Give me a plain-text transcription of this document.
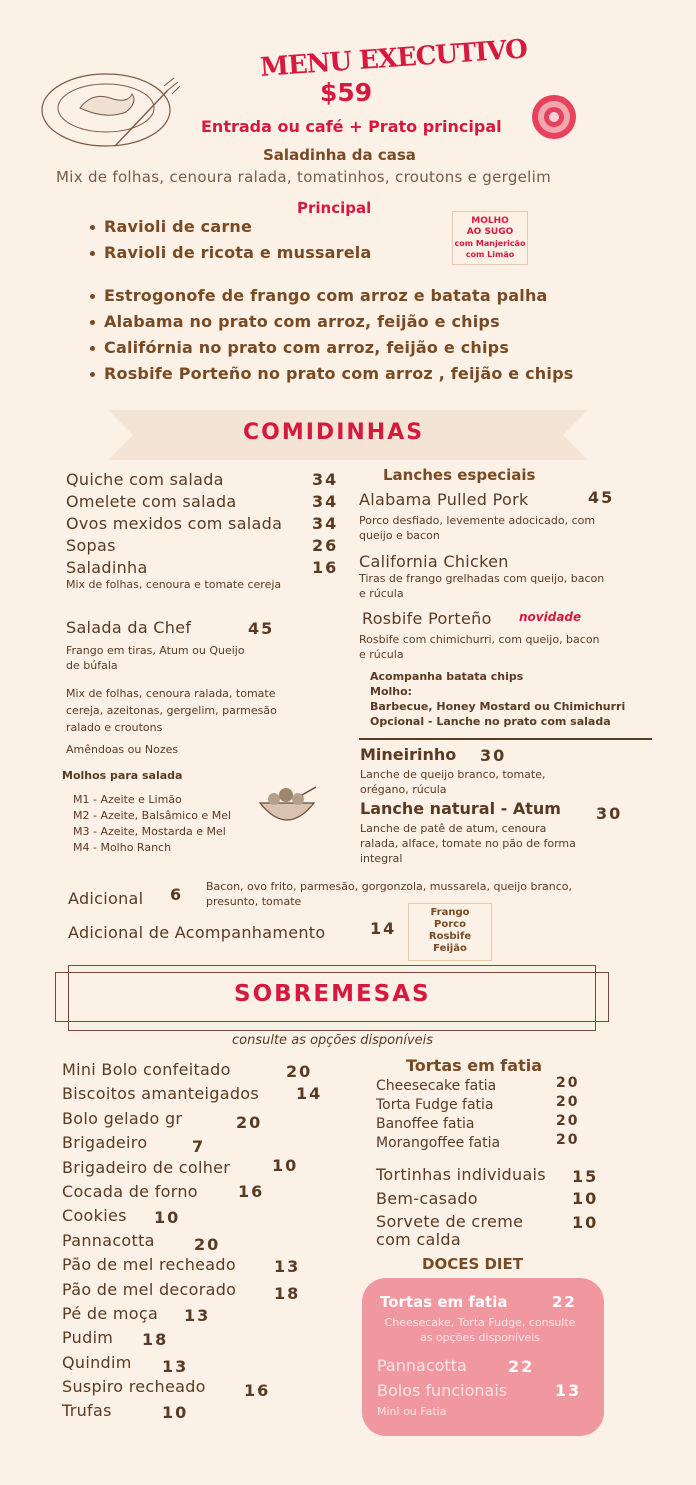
MENU EXECUTIVO
$59
Entrada ou café + Prato principal
Saladinha da casa
Mix de folhas, cenoura ralada, tomatinhos, croutons e gergelim
Principal
Ravioli de carne
Ravioli de ricota e mussarela
MOLHO
AO SUGO
com Manjericão
com Limão
Estrogonofe de frango com arroz e batata palha
Alabama no prato com arroz, feijão e chips
Califórnia no prato com arroz, feijão e chips
Rosbife Porteño no prato com arroz , feijão e chips
COMIDINHAS
Quiche com salada	34
Omelete com salada	34
Ovos mexidos com salada 34
Sopas	26
Saladinha	16
Mix de folhas, cenoura e tomate cereja
Salada da Chef	45
Frango em tiras, Atum ou Queijo de búfala
Mix de folhas, cenoura ralada, tomate cereja, azeitonas, gergelim, parmesão ralado e croutons
Amêndoas ou Nozes
Molhos para salada
M1 - Azeite e Limão
M2 - Azeite, Balsâmico e Mel
M3 - Azeite, Mostarda e Mel
M4 - Molho Ranch
Lanches especiais
Alabama Pulled Pork	45
Porco desfiado, levemente adocicado, com queijo e bacon
California Chicken
Tiras de frango grelhadas com queijo, bacon e rúcula
Rosbife Porteño novidade
Rosbife com chimichurri, com queijo, bacon e rúcula
Acompanha batata chips
Molho:
Barbecue, Honey Mostard ou Chimichurri
Opcional - Lanche no prato com salada
Mineirinho 30
Lanche de queijo branco, tomate, orégano, rúcula
Lanche natural - Atum 30
Lanche de patê de atum, cenoura ralada, alface, tomate no pão de forma integral
Adicional 6 Bacon, ovo frito, parmesão, gorgonzola, mussarela, queijo branco, presunto, tomate
Adicional de Acompanhamento	14
Frango
Porco
Rosbife
Feijão
SOBREMESAS
consulte as opções disponíveis
Mini Bolo confeitado	20
Biscoitos amanteigados 14
Bolo gelado gr	20
Brigadeiro	7
Brigadeiro de colher	10
Cocada de forno	16
Cookies 10
Pannacotta 20
Pão de mel recheado 13
Pão de mel decorado 18
Pé de moça 13
Pudim 18
Quindim 13
Suspiro recheado 16
Trufas	10
Tortas em fatia
Cheesecake fatia	20
Torta Fudge fatia	20
Banoffee fatia	20
Morangoffee fatia	20
Tortinhas individuais 15
Bem-casado	10
Sorvete de creme com calda
10
DOCES DIET
Tortas em fatia	22
Cheesecake, Torta Fudge, consulte as opções disponíveis
Pannacotta	22
Bolos funcionais	13
Mini ou Fatia
